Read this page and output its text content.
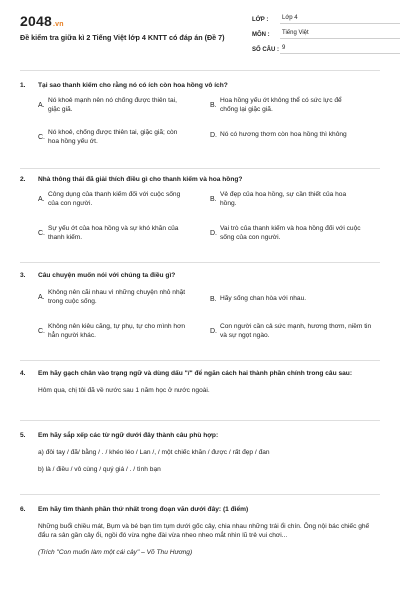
2048.vn
Đề kiểm tra giữa kì 2 Tiếng Việt lớp 4 KNTT có đáp án (Đề 7)
LỚP :	Lớp 4
MÔN :	Tiếng Việt
SỐ CÂU : 9
1.	Tại sao thanh kiếm cho rằng nó có ích còn hoa hồng vô ích?
A.
Nó khoẻ mạnh nên nó chống được thiên tai, giặc giã.
B.
Hoa hồng yếu ớt không thể có sức lực để chống lại giặc giã.
C.
Nó khoẻ, chống được thiên tai, giặc giã; còn hoa hồng yếu ớt.
D. Nó có hương thơm còn hoa hồng thì không
2.	Nhà thông thái đã giải thích điều gì cho thanh kiếm và hoa hồng?
A.
Công dụng của thanh kiếm đối với cuộc sống của con người.
B.
Vẻ đẹp của hoa hồng, sự cần thiết của hoa hồng.
C.
Sự yếu ớt của hoa hồng và sự khó khăn của thanh kiếm.
D.
Vai trò của thanh kiếm và hoa hồng đối với cuộc sống của con người.
3.	Câu chuyện muốn nói với chúng ta điều gì?
A.
Không nên cãi nhau vì những chuyện nhỏ nhặt trong cuộc sống.	B. Hãy sống chan hòa với nhau.
C.
Không nên kiêu căng, tự phụ, tự cho mình hơn hẳn người khác.
D.
Con người cần cả sức mạnh, hương thơm, niềm tin và sự ngọt ngào.
4.	Em hãy gạch chân vào trạng ngữ và dùng dấu "/" để ngăn cách hai thành phần chính trong câu sau:

Hôm qua, chị tôi đã về nước sau 1 năm học ở nước ngoài.

5.	Em hãy sắp xếp các từ ngữ dưới đây thành câu phù hợp:

a) đôi tay / đã/ bằng / . / khéo léo / Lan /, / một chiếc khăn / được / rất đẹp / đan

b) là / điều / vô cùng / quý giá / . / tình bạn

6.	Em hãy tìm thành phần thứ nhất trong đoạn văn dưới đây: (1 điểm)

Những buổi chiều mát, Bụm và bé bạn tìm tụm dưới gốc cây, chia nhau những trái ổi chín. Ông nội bác chiếc ghế đẩu ra sân gần cây ổi, ngồi đó vừa nghe đài vừa nheo nheo mắt nhìn lũ trẻ vui chơi...

(Trích "Con muốn làm một cái cây" – Võ Thu Hương)
